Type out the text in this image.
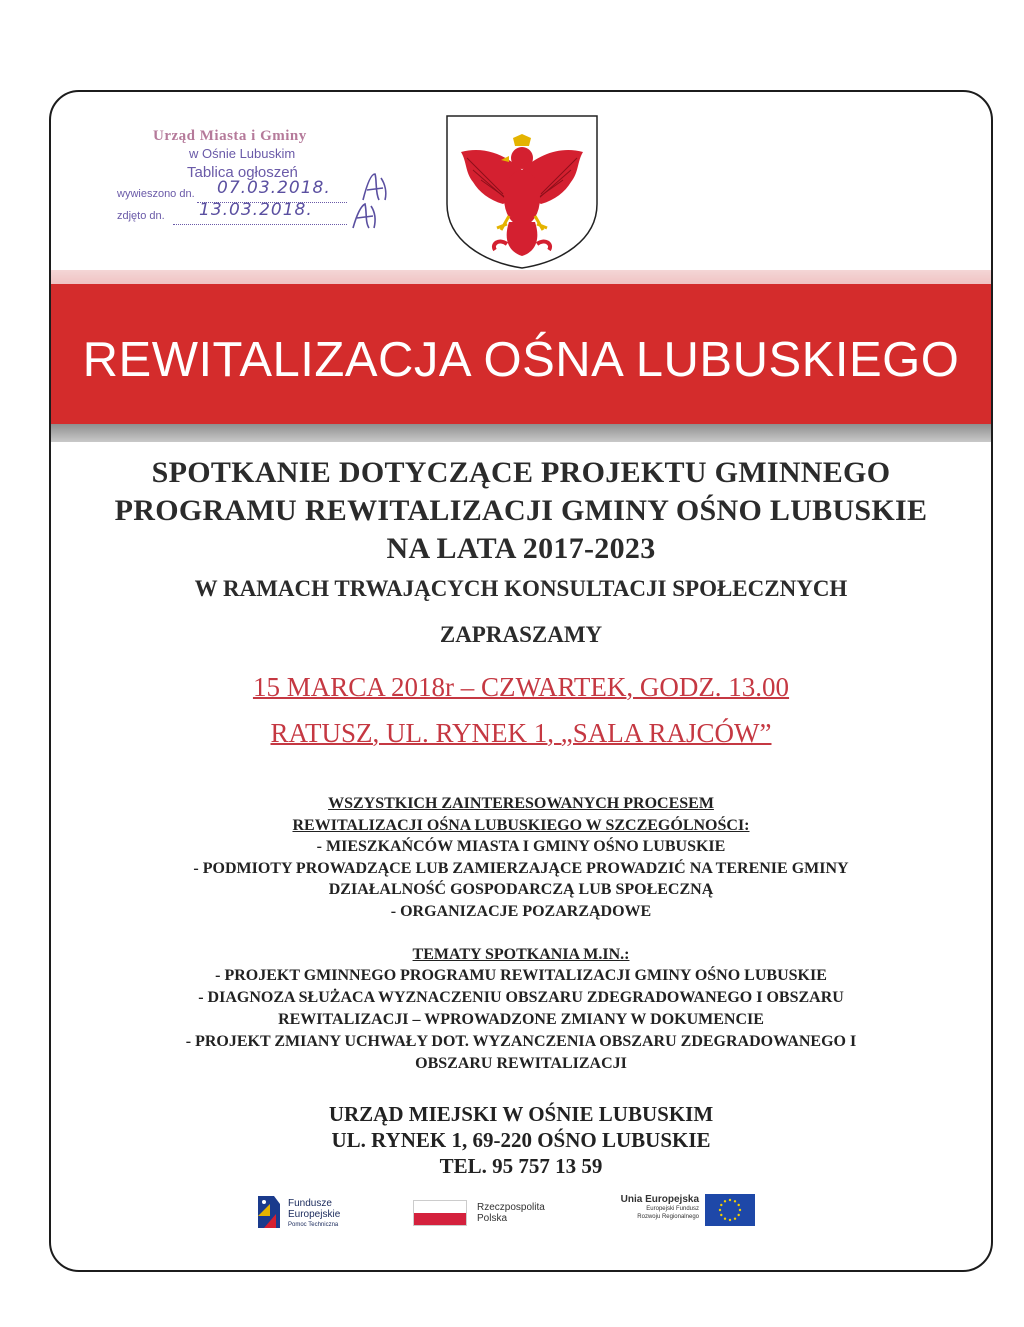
Urząd Miasta i Gminy
w Ośnie Lubuskim
Tablica ogłoszeń
wywieszono dn. 07.03.2018.
zdjęto dn. 13.03.2018.
REWITALIZACJA OŚNA LUBUSKIEGO
SPOTKANIE DOTYCZĄCE PROJEKTU GMINNEGO
PROGRAMU REWITALIZACJI GMINY OŚNO LUBUSKIE
NA LATA 2017-2023
W RAMACH TRWAJĄCYCH KONSULTACJI SPOŁECZNYCH
ZAPRASZAMY
15 MARCA 2018r – CZWARTEK, GODZ. 13.00
RATUSZ, UL. RYNEK 1, „SALA RAJCÓW”
WSZYSTKICH ZAINTERESOWANYCH PROCESEM
REWITALIZACJI OŚNA LUBUSKIEGO W SZCZEGÓLNOŚCI:
- MIESZKAŃCÓW MIASTA I GMINY OŚNO LUBUSKIE
- PODMIOTY PROWADZĄCE LUB ZAMIERZAJĄCE PROWADZIĆ NA TERENIE GMINY
DZIAŁALNOŚĆ GOSPODARCZĄ LUB SPOŁECZNĄ
- ORGANIZACJE POZARZĄDOWE
TEMATY SPOTKANIA M.IN.:
- PROJEKT GMINNEGO PROGRAMU REWITALIZACJI GMINY OŚNO LUBUSKIE
- DIAGNOZA SŁUŻACA WYZNACZENIU OBSZARU ZDEGRADOWANEGO I OBSZARU
REWITALIZACJI – WPROWADZONE ZMIANY W DOKUMENCIE
- PROJEKT ZMIANY UCHWAŁY DOT. WYZANCZENIA OBSZARU ZDEGRADOWANEGO I
OBSZARU REWITALIZACJI
URZĄD MIEJSKI W OŚNIE LUBUSKIM
UL. RYNEK 1, 69-220 OŚNO LUBUSKIE
TEL. 95 757 13 59
Fundusze
Europejskie
Pomoc Techniczna
Rzeczpospolita
Polska
Unia Europejska
Europejski Fundusz
Rozwoju Regionalnego
